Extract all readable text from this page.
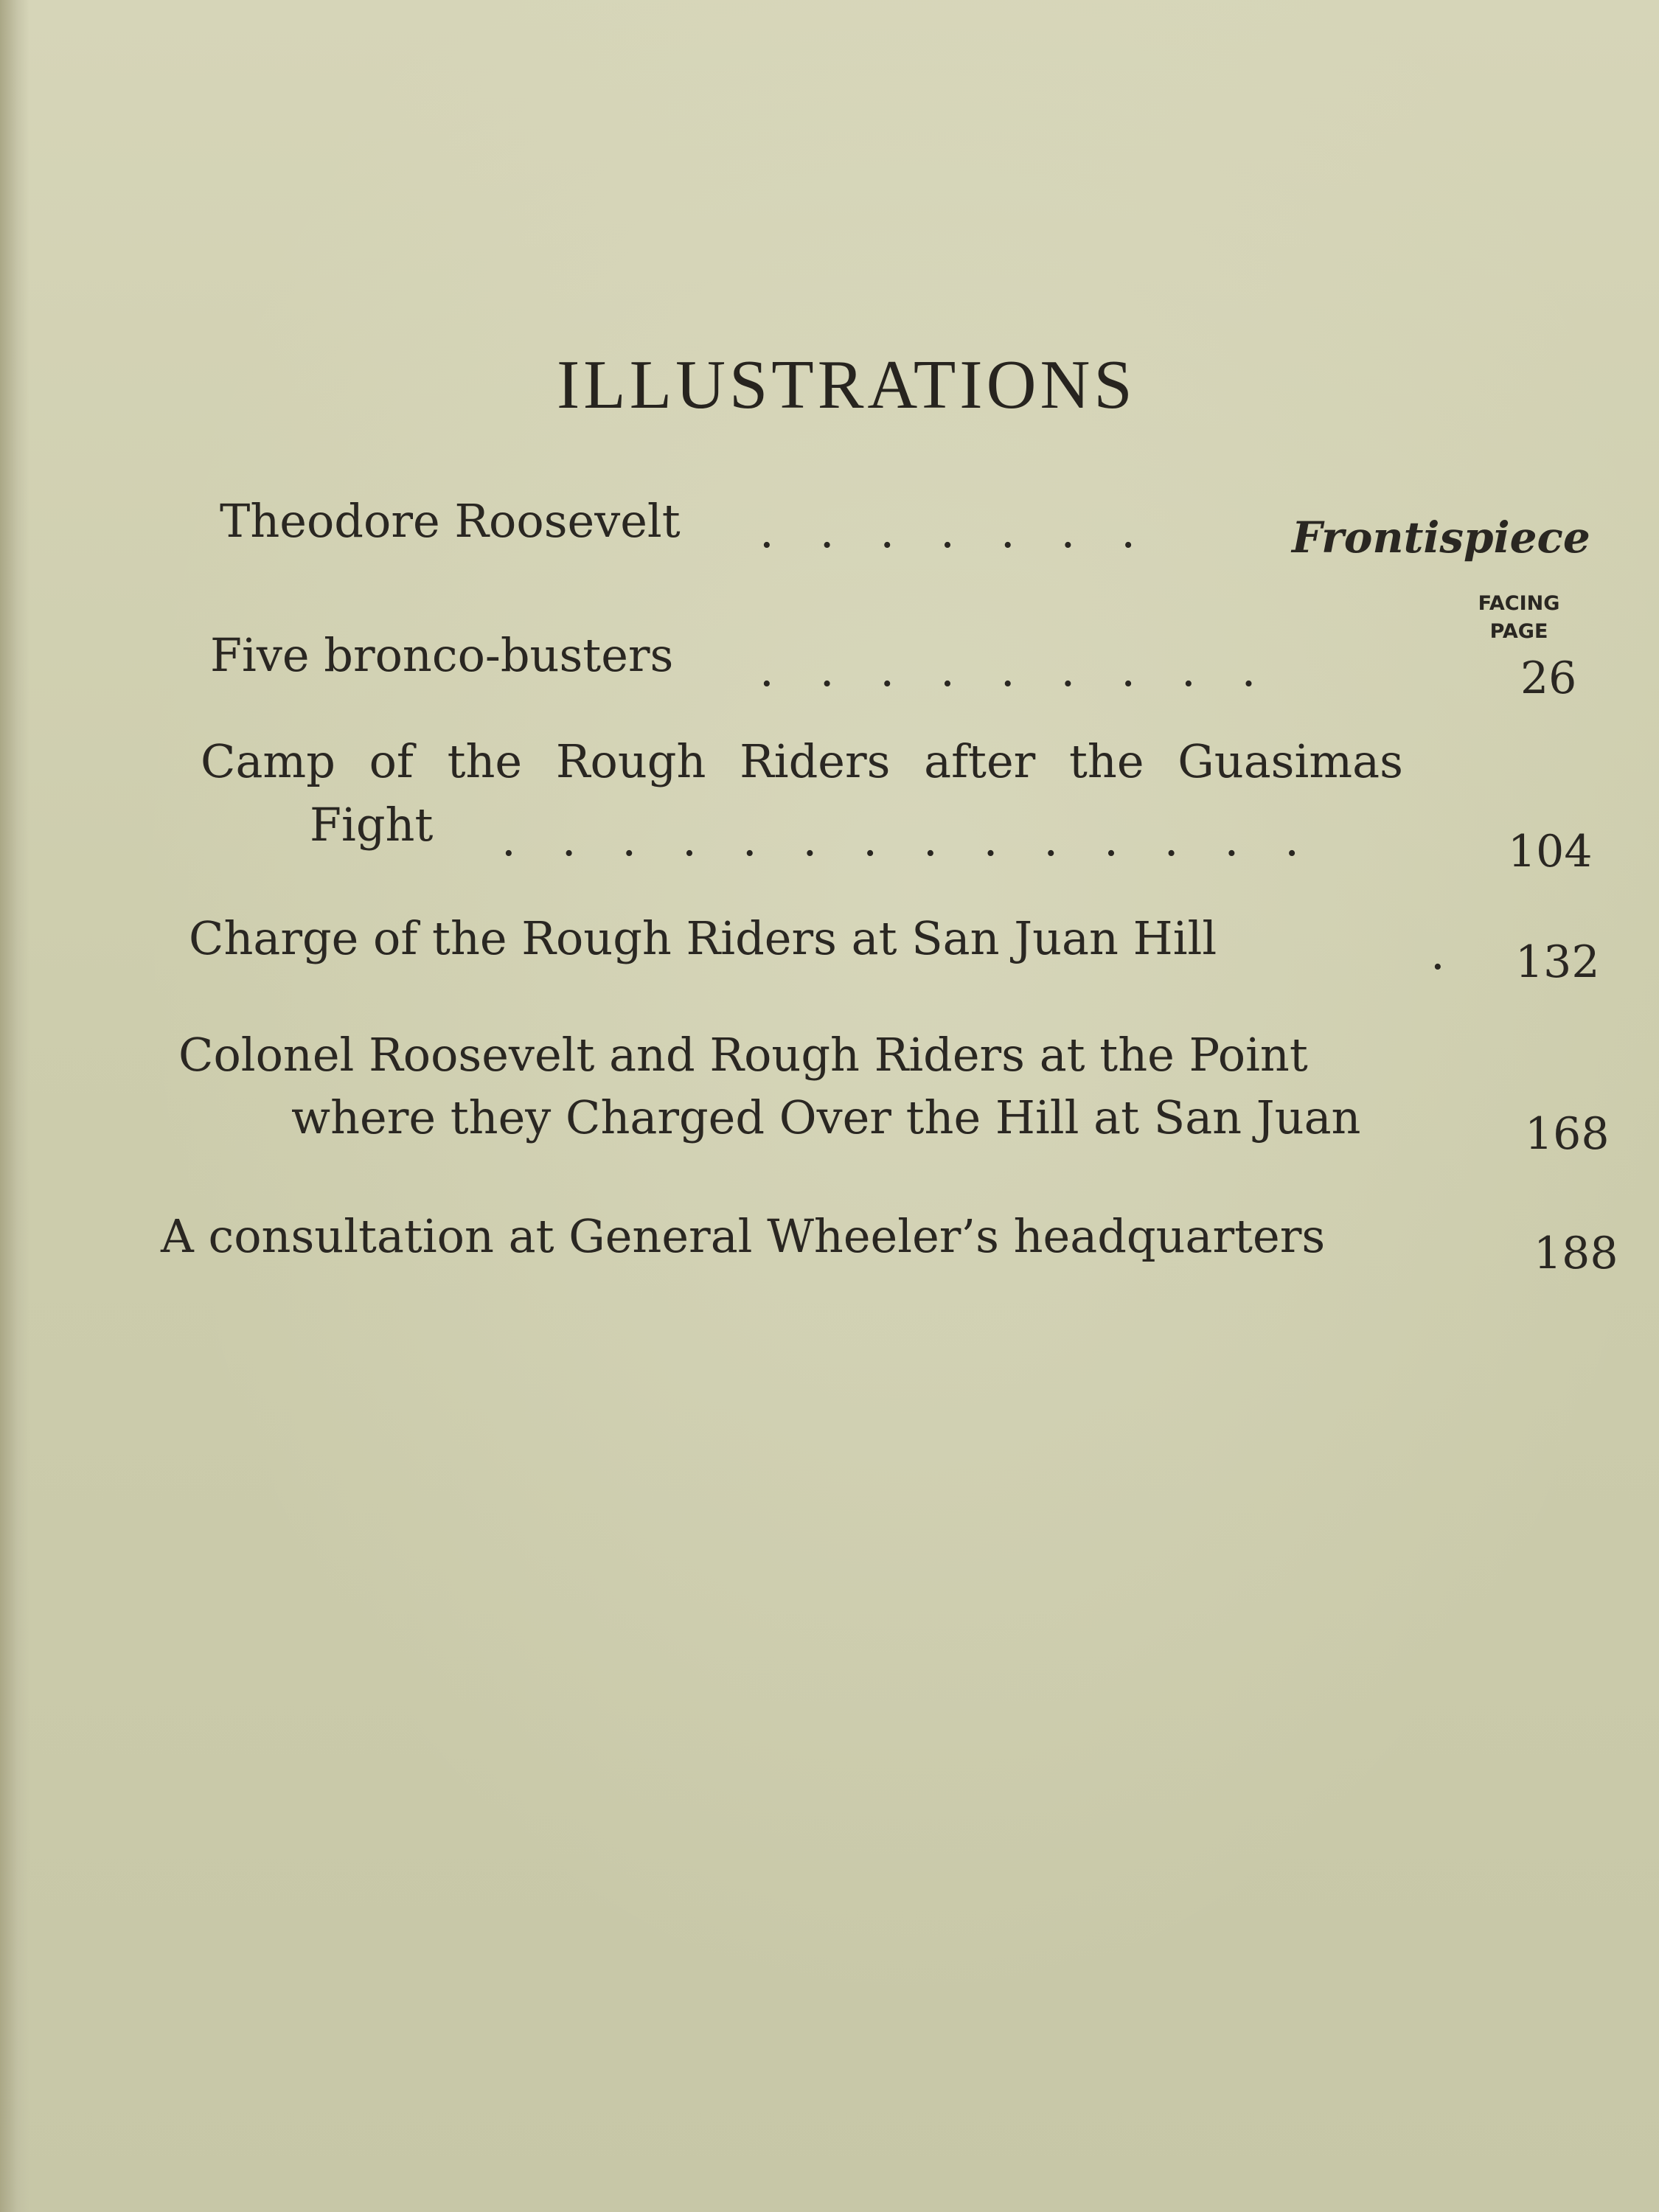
ILLUSTRATIONS
Theodore Roosevelt .  .  .  .  .  .  .	Frontispiece
FACING
PAGE
Five bronco-busters .  .  .  .  .  .  .  .  .	26
Camp of the Rough Riders after the Guasimas
Fight .  .  .  .  .  .  .  .  .  .  .  .  .  .	104
Charge of the Rough Riders at San Juan Hill	. 132
Colonel Roosevelt and Rough Riders at the Point
where they Charged Over the Hill at San Juan	168
A consultation at General Wheeler’s headquarters	188
